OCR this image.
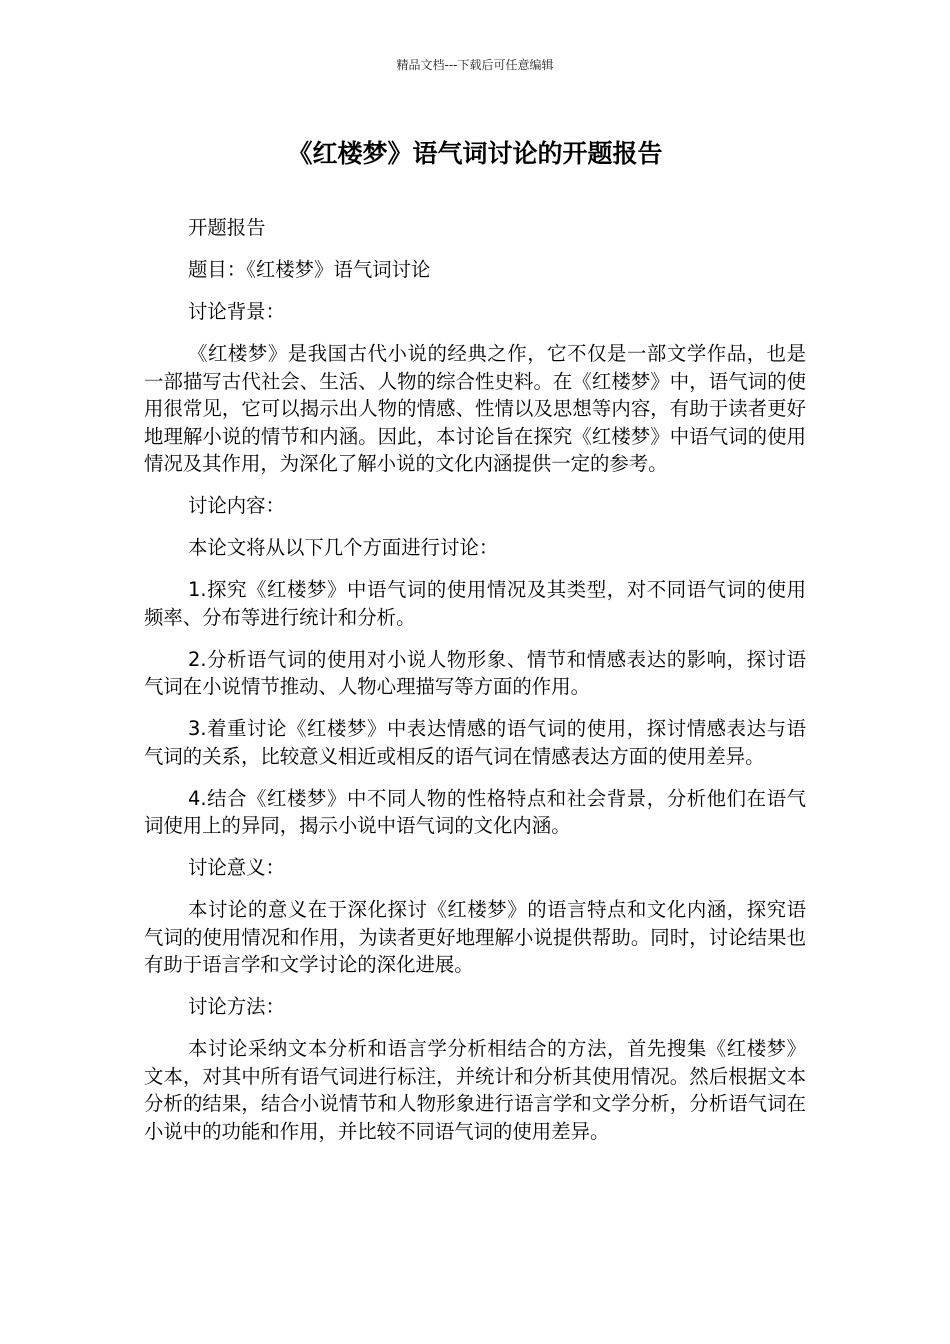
精品文档---下载后可任意编辑
《红楼梦》语气词讨论的开题报告

开题报告

题目：《红楼梦》语气词讨论

讨论背景：

《红楼梦》是我国古代小说的经典之作，它不仅是一部文学作品，也是一部描写古代社会、生活、人物的综合性史料。在《红楼梦》中，语气词的使用很常见，它可以揭示出人物的情感、性情以及思想等内容，有助于读者更好地理解小说的情节和内涵。因此，本讨论旨在探究《红楼梦》中语气词的使用情况及其作用，为深化了解小说的文化内涵提供一定的参考。

讨论内容：

本论文将从以下几个方面进行讨论：

1.探究《红楼梦》中语气词的使用情况及其类型，对不同语气词的使用频率、分布等进行统计和分析。

2.分析语气词的使用对小说人物形象、情节和情感表达的影响，探讨语气词在小说情节推动、人物心理描写等方面的作用。

3.着重讨论《红楼梦》中表达情感的语气词的使用，探讨情感表达与语气词的关系，比较意义相近或相反的语气词在情感表达方面的使用差异。

4.结合《红楼梦》中不同人物的性格特点和社会背景，分析他们在语气词使用上的异同，揭示小说中语气词的文化内涵。

讨论意义：

本讨论的意义在于深化探讨《红楼梦》的语言特点和文化内涵，探究语气词的使用情况和作用，为读者更好地理解小说提供帮助。同时，讨论结果也有助于语言学和文学讨论的深化进展。

讨论方法：

本讨论采纳文本分析和语言学分析相结合的方法，首先搜集《红楼梦》文本，对其中所有语气词进行标注，并统计和分析其使用情况。然后根据文本分析的结果，结合小说情节和人物形象进行语言学和文学分析，分析语气词在小说中的功能和作用，并比较不同语气词的使用差异。
